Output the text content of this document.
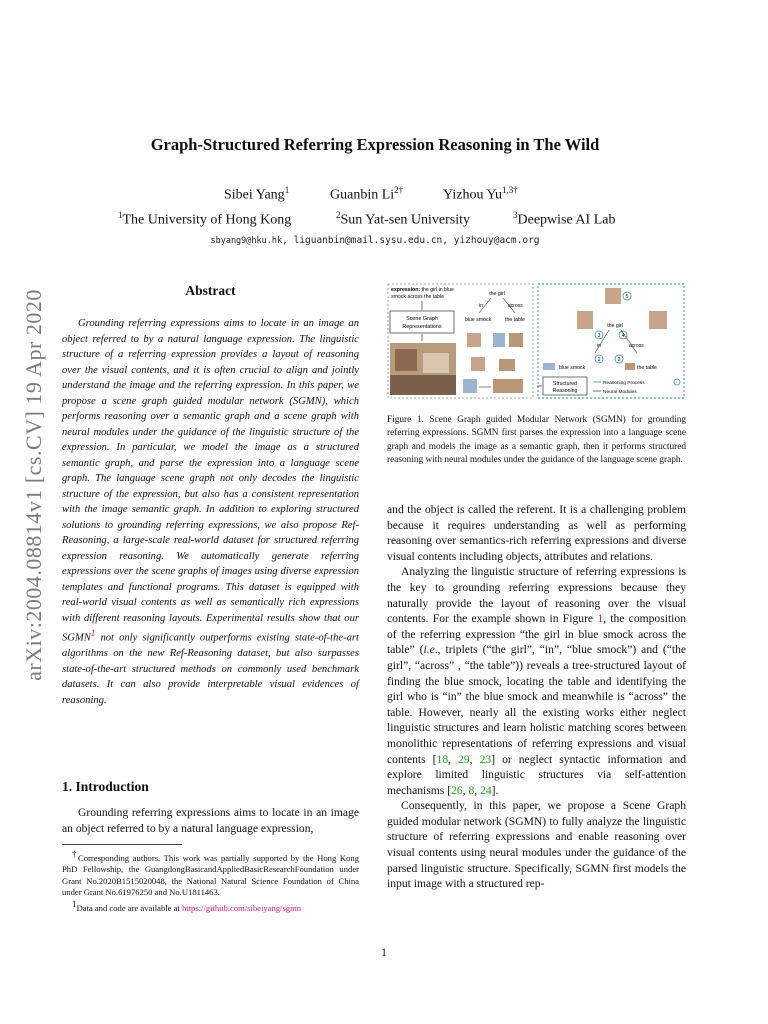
arXiv:2004.08814v1 [cs.CV] 19 Apr 2020
Graph-Structured Referring Expression Reasoning in The Wild
Sibei Yang$^1$	Guanbin $Li^{2\dagger}$	Yizhou $Yu^{1,3\dagger}$
$^1$The University of Hong Kong	$^2$Sun Yat-sen University	$^3$Deepwise AI Lab
sbyang9@hku.hk, liguanbin@mail.sysu.edu.cn, yizhouy@acm.org
Abstract
Grounding referring expressions aims to locate in an image an object referred to by a natural language expression. The linguistic structure of a referring expression provides a layout of reasoning over the visual contents, and it is often crucial to align and jointly understand the image and the referring expression. In this paper, we propose a scene graph guided modular network (SGMN), which performs reasoning over a semantic graph and a scene graph with neural modules under the guidance of the linguistic structure of the expression. In particular, we model the image as a structured semantic graph, and parse the expression into a language scene graph. The language scene graph not only decodes the linguistic structure of the expression, but also has a consistent representation with the image semantic graph. In addition to exploring structured solutions to grounding referring expressions, we also propose Ref-Reasoning, a large-scale real-world dataset for structured referring expression reasoning. We automatically generate referring expressions over the scene graphs of images using diverse expression templates and functional programs. This dataset is equipped with real-world visual contents as well as semantically rich expressions with different reasoning layouts. Experimental results show that our SGMN$^1$ not only significantly outperforms existing state-of-the-art algorithms on the new Ref-Reasoning dataset, but also surpasses state-of-the-art structured methods on commonly used benchmark datasets. It can also provide interpretable visual evidences of reasoning.
1. Introduction
Grounding referring expressions aims to locate in an image an object referred to by a natural language expression,

†Corresponding authors. This work was partially supported by the Hong Kong PhD Fellowship, the GuangdongBasicandAppliedBasicResearchFoundation under Grant No.2020B1515020048, the National Natural Science Foundation of China under Grant No.61976250 and No.U1811463.

$^1$Data and code are available at https://github.com/sibeiyang/sgmn

expression: the girl in blue
smock across the table
Scene Graph
Representations
the girl
in	across
blue smock	the table
5
the girl
3	4
in	across
1	2
blue smock	the table
Structured
Reasoning
Reasoning Process
Neural Modules
Figure 1. Scene Graph guided Modular Network (SGMN) for grounding referring expressions. SGMN first parses the expression into a language scene graph and models the image as a semantic graph, then it performs structured reasoning with neural modules under the guidance of the language scene graph.

and the object is called the referent. It is a challenging problem because it requires understanding as well as performing reasoning over semantics-rich referring expressions and diverse visual contents including objects, attributes and relations.

Analyzing the linguistic structure of referring expressions is the key to grounding referring expressions because they naturally provide the layout of reasoning over the visual contents. For the example shown in Figure 1, the composition of the referring expression “the girl in blue smock across the table” (i.e., triplets (“the girl”, “in”, “blue smock”) and (“the girl”, “across” , “the table”)) reveals a tree-structured layout of finding the blue smock, locating the table and identifying the girl who is “in” the blue smock and meanwhile is “across” the table. However, nearly all the existing works either neglect linguistic structures and learn holistic matching scores between monolithic representations of referring expressions and visual contents [18, 29, 23] or neglect syntactic information and explore limited linguistic structures via self-attention mechanisms [26, 8, 24].

Consequently, in this paper, we propose a Scene Graph guided modular network (SGMN) to fully analyze the linguistic structure of referring expressions and enable reasoning over visual contents using neural modules under the guidance of the parsed linguistic structure. Specifically, SGMN first models the input image with a structured rep-

1
